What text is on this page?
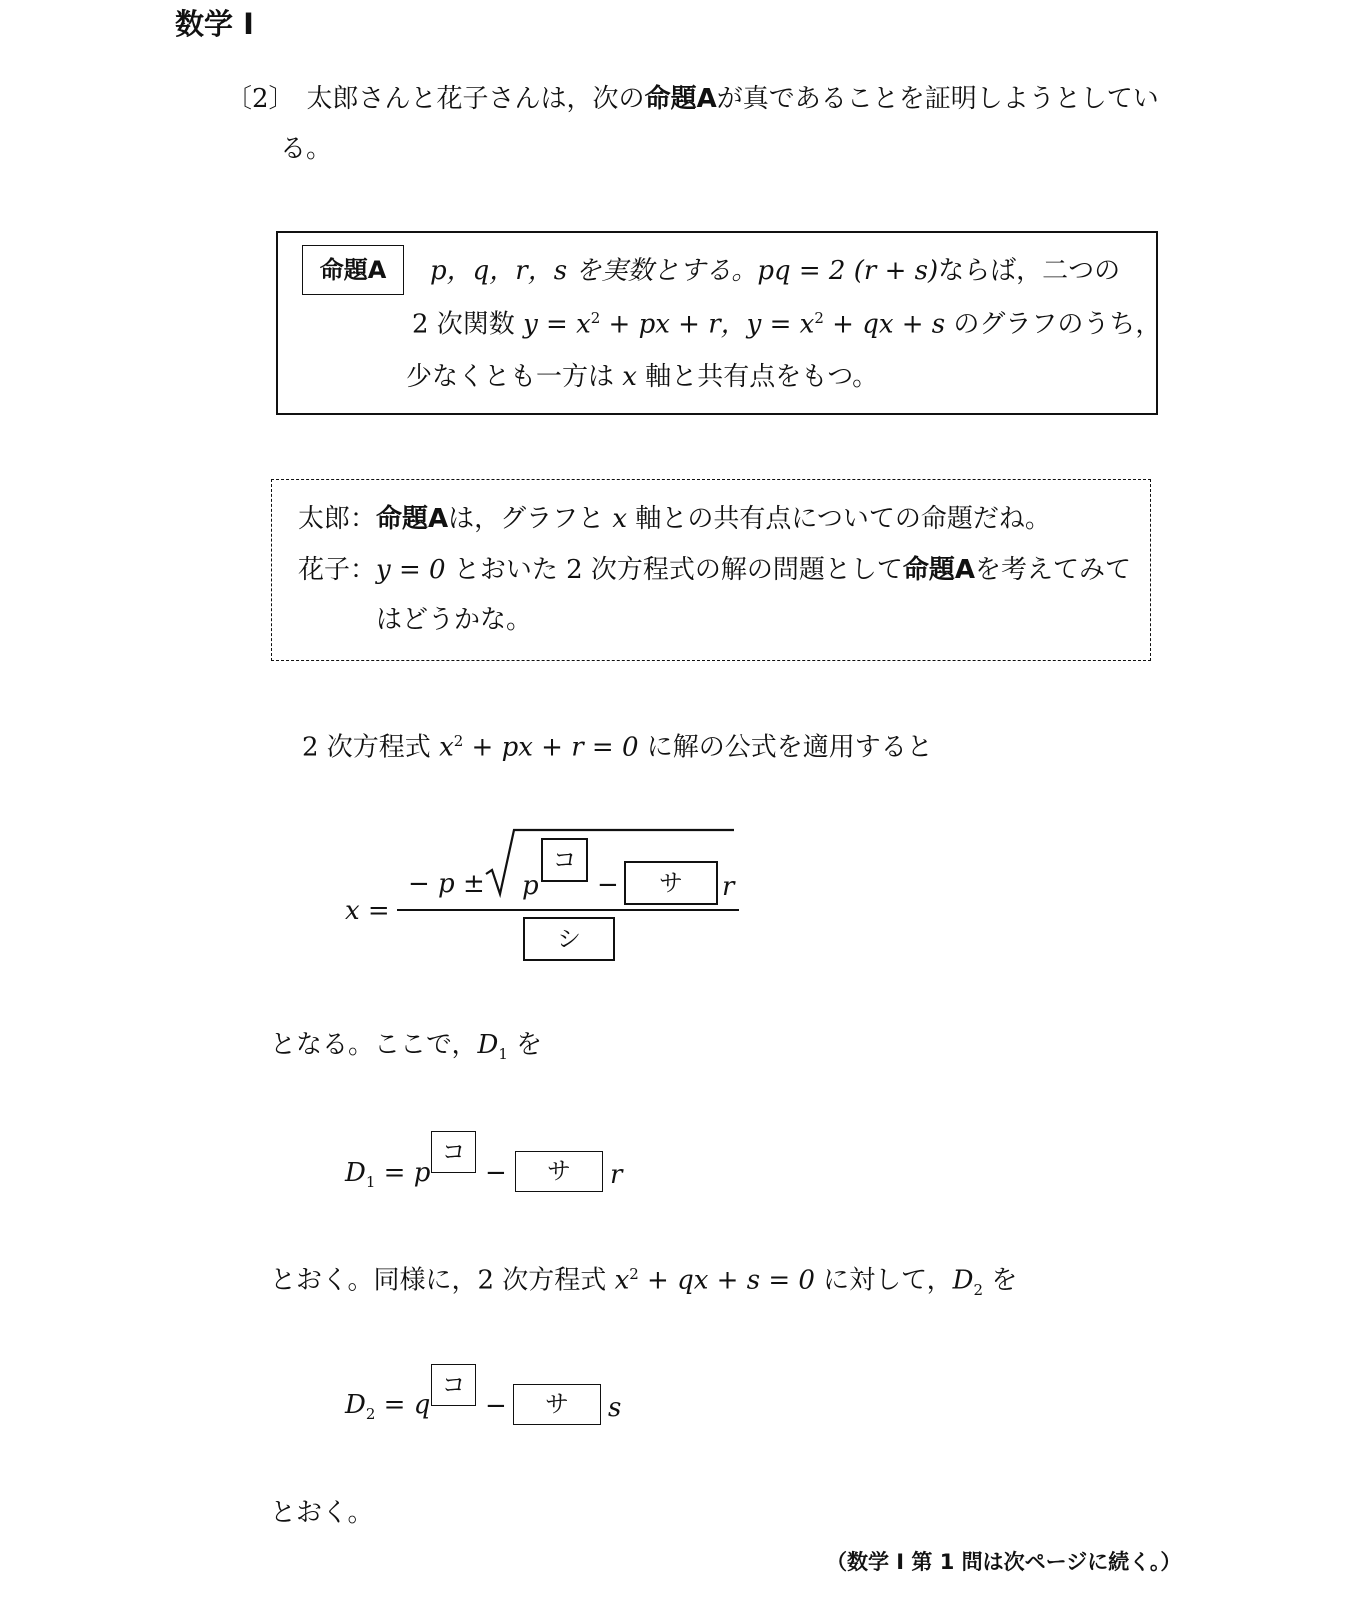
数学 I
〔2〕 太郎さんと花子さんは，次の命題Aが真であることを証明しようとしてい
る。
命題A	p，q，r，s を実数とする。pq = 2 (r + s)ならば，二つの
2 次関数 $y = x^2$ + px + r，$y = x^2$ + qx + s のグラフのうち，
少なくとも一方は x 軸と共有点をもつ。
太郎：命題Aは，グラフと x 軸との共有点についての命題だね。
花子：y = 0 とおいた 2 次方程式の解の問題として命題Aを考えてみて
はどうかな。
2 次方程式 $x^2$ + px + r = 0 に解の公式を適用すると
x =
− p ± p
コ
−	サ	r
シ
となる。ここで，$D_1$ を
$D_1 = p$
コ
−	サ	r
とおく。同様に，2 次方程式 $x^2$ + qx + s = 0 に対して，$D_2$ を
$D_2 = q$
コ
−	サ	s
とおく。
（数学 I 第 1 問は次ページに続く。）
